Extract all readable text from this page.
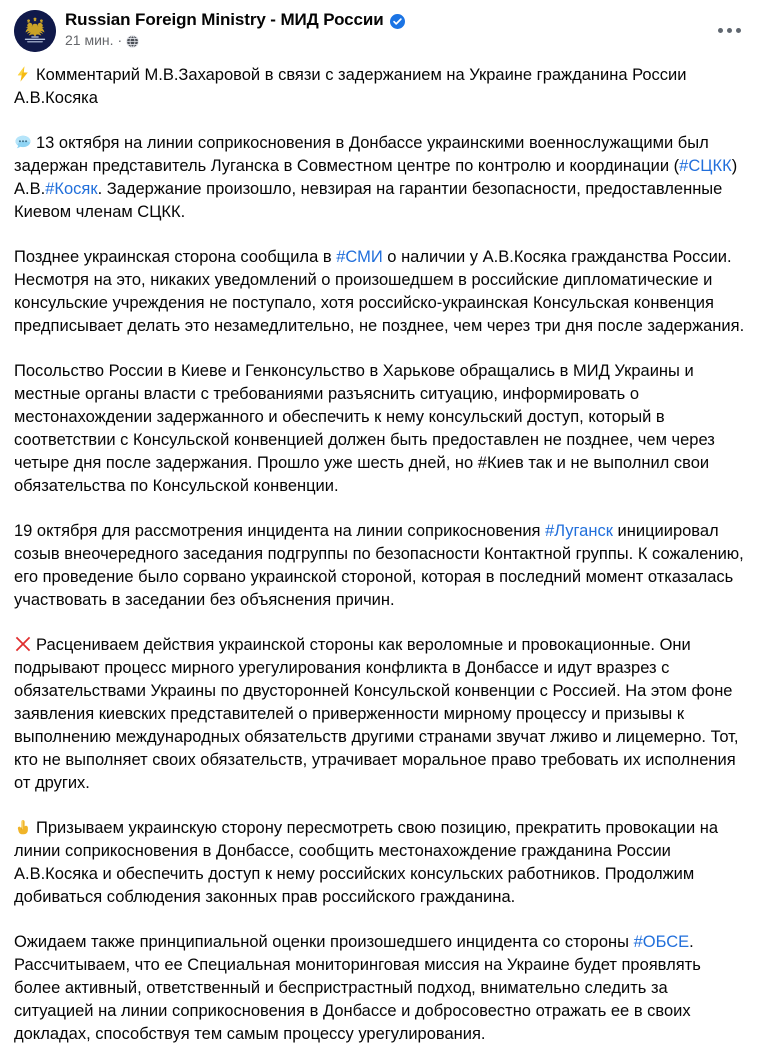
Russian Foreign Ministry - МИД России
21 мин. ·
Комментарий М.В.Захаровой в связи с задержанием на Украине гражданина России А.В.Косяка
13 октября на линии соприкосновения в Донбассе украинскими военнослужащими был задержан представитель Луганска в Совместном центре по контролю и координации (#СЦКК) А.В.#Косяк. Задержание произошло, невзирая на гарантии безопасности, предоставленные Киевом членам СЦКК.
Позднее украинская сторона сообщила в #СМИ о наличии у А.В.Косяка гражданства России. Несмотря на это, никаких уведомлений о произошедшем в российские дипломатические и консульские учреждения не поступало, хотя российско-украинская Консульская конвенция предписывает делать это незамедлительно, не позднее, чем через три дня после задержания.
Посольство России в Киеве и Генконсульство в Харькове обращались в МИД Украины и местные органы власти с требованиями разъяснить ситуацию, информировать о местонахождении задержанного и обеспечить к нему консульский доступ, который в соответствии с Консульской конвенцией должен быть предоставлен не позднее, чем через четыре дня после задержания. Прошло уже шесть дней, но #Киев так и не выполнил свои обязательства по Консульской конвенции.
19 октября для рассмотрения инцидента на линии соприкосновения #Луганск инициировал созыв внеочередного заседания подгруппы по безопасности Контактной группы. К сожалению, его проведение было сорвано украинской стороной, которая в последний момент отказалась участвовать в заседании без объяснения причин.
Расцениваем действия украинской стороны как вероломные и провокационные. Они подрывают процесс мирного урегулирования конфликта в Донбассе и идут вразрез с обязательствами Украины по двусторонней Консульской конвенции с Россией. На этом фоне заявления киевских представителей о приверженности мирному процессу и призывы к выполнению международных обязательств другими странами звучат лживо и лицемерно. Тот, кто не выполняет своих обязательств, утрачивает моральное право требовать их исполнения от других.
Призываем украинскую сторону пересмотреть свою позицию, прекратить провокации на линии соприкосновения в Донбассе, сообщить местонахождение гражданина России А.В.Косяка и обеспечить доступ к нему российских консульских работников. Продолжим добиваться соблюдения законных прав российского гражданина.
Ожидаем также принципиальной оценки произошедшего инцидента со стороны #ОБСЕ. Рассчитываем, что ее Специальная мониторинговая миссия на Украине будет проявлять более активный, ответственный и беспристрастный подход, внимательно следить за ситуацией на линии соприкосновения в Донбассе и добросовестно отражать ее в своих докладах, способствуя тем самым процессу урегулирования.
